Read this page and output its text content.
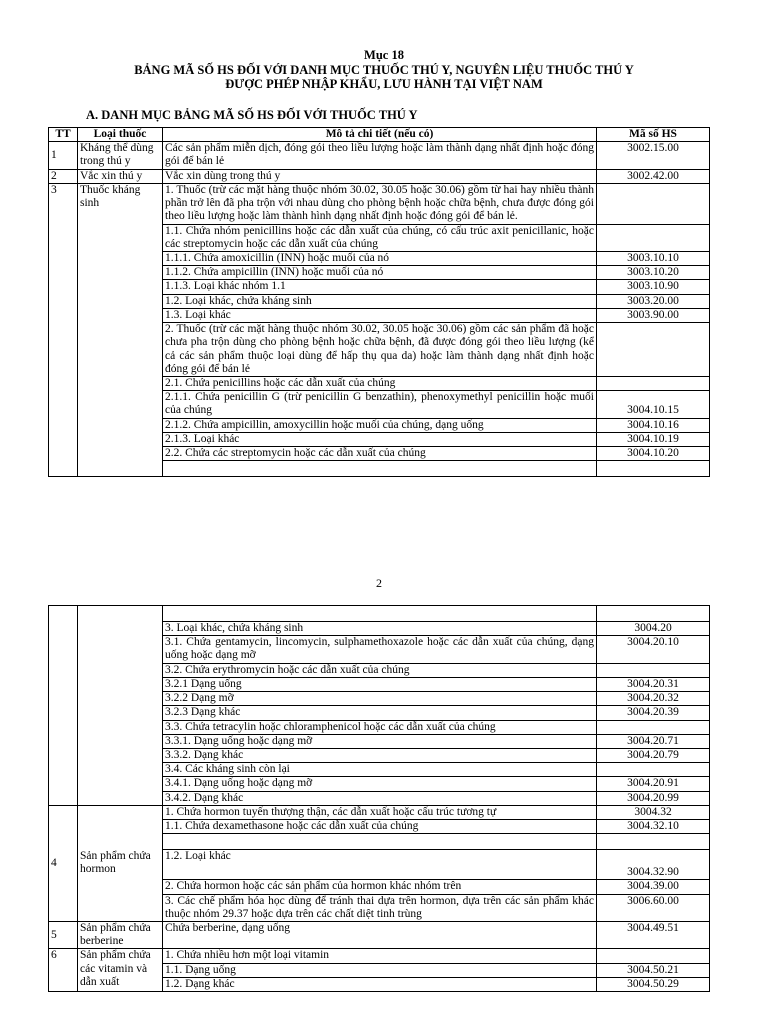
Mục 18
BẢNG MÃ SỐ HS ĐỐI VỚI DANH MỤC THUỐC THÚ Y, NGUYÊN LIỆU THUỐC THÚ Y
ĐƯỢC PHÉP NHẬP KHẨU, LƯU HÀNH TẠI VIỆT NAM
A. DANH MỤC BẢNG MÃ SỐ HS ĐỐI VỚI THUỐC THÚ Y
TT	Loại thuốc	Mô tả chi tiết (nếu có)	Mã số HS
1	Kháng thể dùng trong thú y	Các sản phẩm miễn dịch, đóng gói theo liều lượng hoặc làm thành dạng nhất định hoặc đóng gói để bán lẻ	3002.15.00
2	Vắc xin thú y	Vắc xin dùng trong thú y	3002.42.00
3	Thuốc kháng sinh	1. Thuốc (trừ các mặt hàng thuộc nhóm 30.02, 30.05 hoặc 30.06) gồm từ hai hay nhiều thành phần trở lên đã pha trộn với nhau dùng cho phòng bệnh hoặc chữa bệnh, chưa được đóng gói theo liều lượng hoặc làm thành hình dạng nhất định hoặc đóng gói để bán lẻ.	
		1.1. Chứa nhóm penicillins hoặc các dẫn xuất của chúng, có cấu trúc axit penicillanic, hoặc các streptomycin hoặc các dẫn xuất của chúng	
		1.1.1. Chứa amoxicillin (INN) hoặc muối của nó	3003.10.10
		1.1.2. Chứa ampicillin (INN) hoặc muối của nó	3003.10.20
		1.1.3. Loại khác nhóm 1.1	3003.10.90
		1.2. Loại khác, chứa kháng sinh	3003.20.00
		1.3. Loại khác	3003.90.00
		2. Thuốc (trừ các mặt hàng thuộc nhóm 30.02, 30.05 hoặc 30.06) gồm các sản phẩm đã hoặc chưa pha trộn dùng cho phòng bệnh hoặc chữa bệnh, đã được đóng gói theo liều lượng (kể cả các sản phẩm thuộc loại dùng để hấp thụ qua da) hoặc làm thành dạng nhất định hoặc đóng gói để bán lẻ	
		2.1. Chứa penicillins hoặc các dẫn xuất của chúng	
		2.1.1. Chứa penicillin G (trừ penicillin G benzathin), phenoxymethyl penicillin hoặc muối của chúng	3004.10.15
		2.1.2. Chứa ampicillin, amoxycillin hoặc muối của chúng, dạng uống	3004.10.16
		2.1.3. Loại khác	3004.10.19
		2.2. Chứa các streptomycin hoặc các dẫn xuất của chúng	3004.10.20

2

		3. Loại khác, chứa kháng sinh	3004.20
		3.1. Chứa gentamycin, lincomycin, sulphamethoxazole hoặc các dẫn xuất của chúng, dạng uống hoặc dạng mỡ	3004.20.10
		3.2. Chứa erythromycin hoặc các dẫn xuất của chúng	
		3.2.1 Dạng uống	3004.20.31
		3.2.2 Dạng mỡ	3004.20.32
		3.2.3 Dạng khác	3004.20.39
		3.3. Chứa tetracylin hoặc chloramphenicol hoặc các dẫn xuất của chúng	
		3.3.1. Dạng uống hoặc dạng mỡ	3004.20.71
		3.3.2. Dạng khác	3004.20.79
		3.4. Các kháng sinh còn lại	
		3.4.1. Dạng uống hoặc dạng mỡ	3004.20.91
		3.4.2. Dạng khác	3004.20.99
4	Sản phẩm chứa hormon	1. Chứa hormon tuyến thượng thận, các dẫn xuất hoặc cấu trúc tương tự	3004.32
		1.1. Chứa dexamethasone hoặc các dẫn xuất của chúng	3004.32.10

		1.2. Loại khác	3004.32.90
		2. Chứa hormon hoặc các sản phẩm của hormon khác nhóm trên	3004.39.00
		3. Các chế phẩm hóa học dùng để tránh thai dựa trên hormon, dựa trên các sản phẩm khác thuộc nhóm 29.37 hoặc dựa trên các chất diệt tinh trùng	3006.60.00
5	Sản phẩm chứa berberine	Chứa berberine, dạng uống	3004.49.51
6	Sản phẩm chứa các vitamin và dẫn xuất	1. Chứa nhiều hơn một loại vitamin	
		1.1. Dạng uống	3004.50.21
		1.2. Dạng khác	3004.50.29
